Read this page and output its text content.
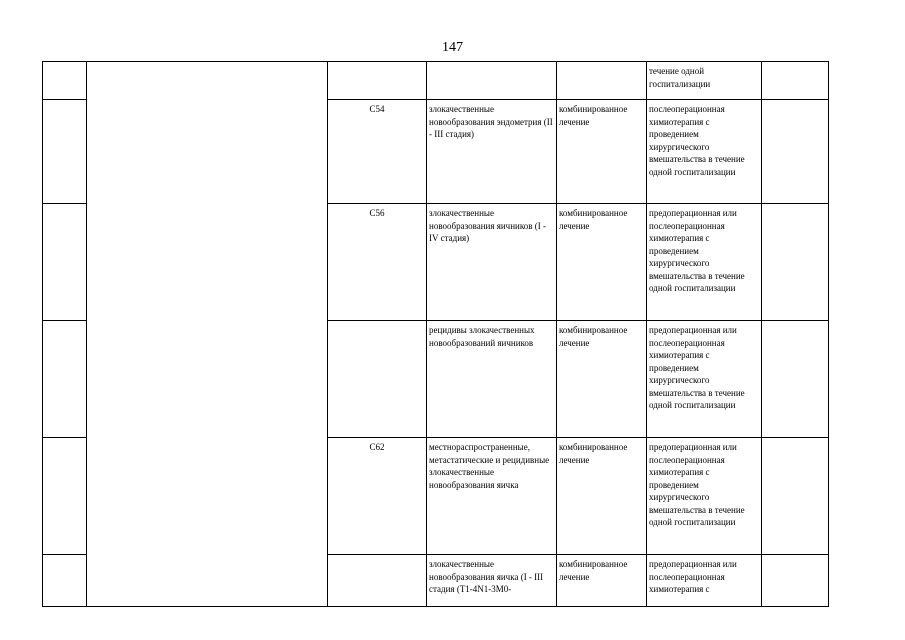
147
					течение одной госпитализации	
		C54	злокачественные новообразования эндометрия (II - III стадия)	комбинированное лечение	послеоперационная химиотерапия с проведением хирургического вмешательства в течение одной госпитализации	
		C56	злокачественные новообразования яичников (I - IV стадия)	комбинированное лечение	предоперационная или послеоперационная химиотерапия с проведением хирургического вмешательства в течение одной госпитализации	
			рецидивы злокачественных новообразований яичников	комбинированное лечение	предоперационная или послеоперационная химиотерапия с проведением хирургического вмешательства в течение одной госпитализации	
		C62	местнораспространенные, метастатические и рецидивные злокачественные новообразования яичка	комбинированное лечение	предоперационная или послеоперационная химиотерапия с проведением хирургического вмешательства в течение одной госпитализации	
			злокачественные новообразования яичка (I - III стадия (T1-4N1-3M0-	комбинированное лечение	предоперационная или послеоперационная химиотерапия с	
